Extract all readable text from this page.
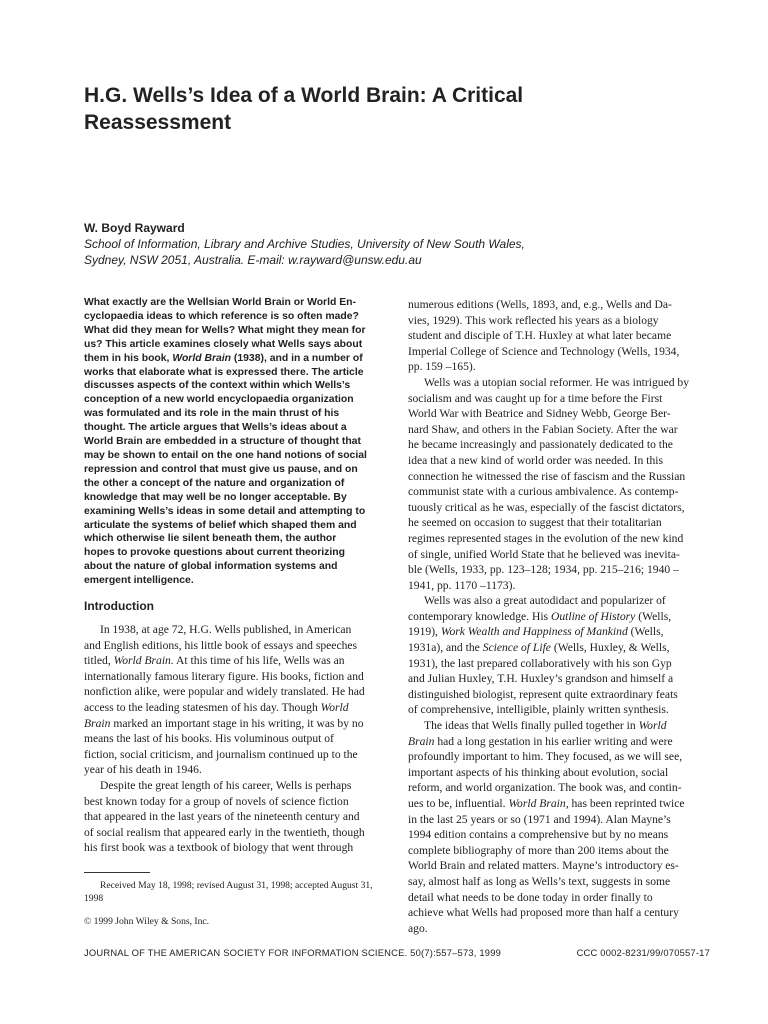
H.G. Wells’s Idea of a World Brain: A Critical
Reassessment
W. Boyd Rayward
School of Information, Library and Archive Studies, University of New South Wales,
Sydney, NSW 2051, Australia. E-mail: w.rayward@unsw.edu.au
What exactly are the Wellsian World Brain or World En-
cyclopaedia ideas to which reference is so often made?
What did they mean for Wells? What might they mean for
us? This article examines closely what Wells says about
them in his book, World Brain (1938), and in a number of
works that elaborate what is expressed there. The article
discusses aspects of the context within which Wells’s
conception of a new world encyclopaedia organization
was formulated and its role in the main thrust of his
thought. The article argues that Wells’s ideas about a
World Brain are embedded in a structure of thought that
may be shown to entail on the one hand notions of social
repression and control that must give us pause, and on
the other a concept of the nature and organization of
knowledge that may well be no longer acceptable. By
examining Wells’s ideas in some detail and attempting to
articulate the systems of belief which shaped them and
which otherwise lie silent beneath them, the author
hopes to provoke questions about current theorizing
about the nature of global information systems and
emergent intelligence.
Introduction
In 1938, at age 72, H.G. Wells published, in American
and English editions, his little book of essays and speeches
titled, World Brain. At this time of his life, Wells was an
internationally famous literary figure. His books, fiction and
nonfiction alike, were popular and widely translated. He had
access to the leading statesmen of his day. Though World
Brain marked an important stage in his writing, it was by no
means the last of his books. His voluminous output of
fiction, social criticism, and journalism continued up to the
year of his death in 1946.
Despite the great length of his career, Wells is perhaps
best known today for a group of novels of science fiction
that appeared in the last years of the nineteenth century and
of social realism that appeared early in the twentieth, though
his first book was a textbook of biology that went through
Received May 18, 1998; revised August 31, 1998; accepted August 31,
1998
© 1999 John Wiley & Sons, Inc.
numerous editions (Wells, 1893, and, e.g., Wells and Da-
vies, 1929). This work reflected his years as a biology
student and disciple of T.H. Huxley at what later became
Imperial College of Science and Technology (Wells, 1934,
pp. 159 –165).
Wells was a utopian social reformer. He was intrigued by
socialism and was caught up for a time before the First
World War with Beatrice and Sidney Webb, George Ber-
nard Shaw, and others in the Fabian Society. After the war
he became increasingly and passionately dedicated to the
idea that a new kind of world order was needed. In this
connection he witnessed the rise of fascism and the Russian
communist state with a curious ambivalence. As contemp-
tuously critical as he was, especially of the fascist dictators,
he seemed on occasion to suggest that their totalitarian
regimes represented stages in the evolution of the new kind
of single, unified World State that he believed was inevita-
ble (Wells, 1933, pp. 123–128; 1934, pp. 215–216; 1940 –
1941, pp. 1170 –1173).
Wells was also a great autodidact and popularizer of
contemporary knowledge. His Outline of History (Wells,
1919), Work Wealth and Happiness of Mankind (Wells,
1931a), and the Science of Life (Wells, Huxley, & Wells,
1931), the last prepared collaboratively with his son Gyp
and Julian Huxley, T.H. Huxley’s grandson and himself a
distinguished biologist, represent quite extraordinary feats
of comprehensive, intelligible, plainly written synthesis.
The ideas that Wells finally pulled together in World
Brain had a long gestation in his earlier writing and were
profoundly important to him. They focused, as we will see,
important aspects of his thinking about evolution, social
reform, and world organization. The book was, and contin-
ues to be, influential. World Brain, has been reprinted twice
in the last 25 years or so (1971 and 1994). Alan Mayne’s
1994 edition contains a comprehensive but by no means
complete bibliography of more than 200 items about the
World Brain and related matters. Mayne’s introductory es-
say, almost half as long as Wells’s text, suggests in some
detail what needs to be done today in order finally to
achieve what Wells had proposed more than half a century
ago.
JOURNAL OF THE AMERICAN SOCIETY FOR INFORMATION SCIENCE. 50(7):557–573, 1999	CCC 0002-8231/99/070557-17
